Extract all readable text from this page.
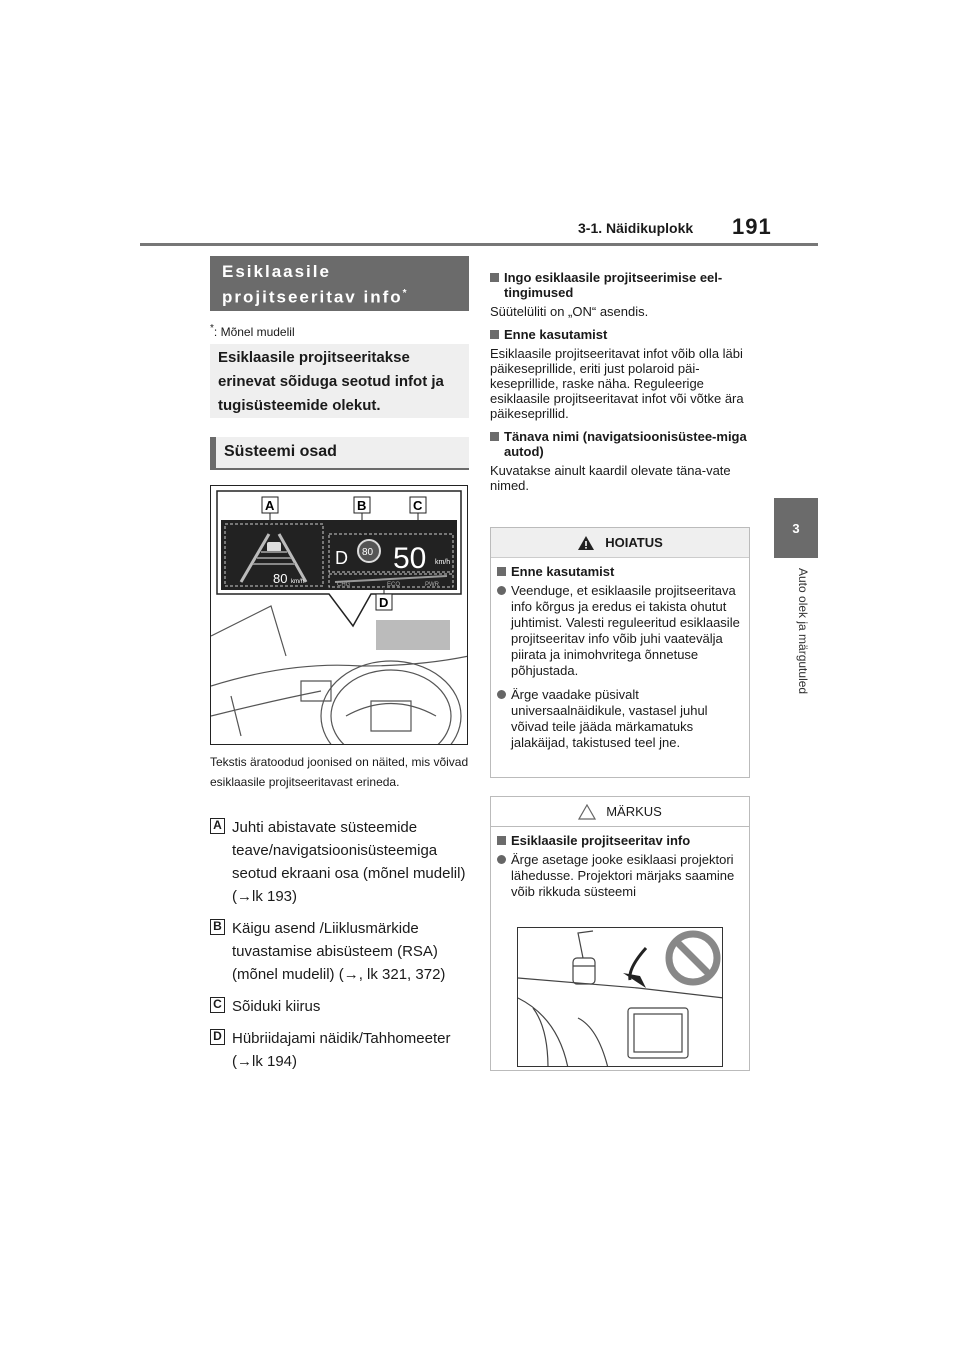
3-1. Näidikuplokk 191
3
Auto olek ja märgutuled
Esiklaasile projitseeritav info*
*: Mõnel mudelil
Esiklaasile projitseeritakse erinevat sõiduga seotud infot ja tugisüsteemide olekut.
Süsteemi osad
80 km/h
D 80 50 km/h
CHG	ECO	PWR
A	B	C
D
Tekstis äratoodud joonised on näited, mis võivad esiklaasile projitseeritavast erineda.
A Juhti abistavate süsteemide teave/navigatsioonisüsteemiga seotud ekraani osa (mõnel mudelil) (→lk 193)
B Käigu asend /Liiklusmärkide tuvastamise abisüsteem (RSA) (mõnel mudelil) (→, lk 321, 372)
C Sõiduki kiirus
D Hübriidajami näidik/Tahhomeeter (→lk 194)
Ingo esiklaasile projitseerimise eel-tingimused
Süütelüliti on „ON“ asendis.
Enne kasutamist
Esiklaasile projitseeritavat infot võib olla läbi päikeseprillide, eriti just polaroid päi-keseprillide, raske näha. Reguleerige esiklaasile projitseeritavat infot või võtke ära päikeseprillid.
Tänava nimi (navigatsioonisüstee-miga autod)
Kuvatakse ainult kaardil olevate täna-vate nimed.
HOIATUS
Enne kasutamist
Veenduge, et esiklaasile projitseeritava info kõrgus ja eredus ei takista ohutut juhtimist. Valesti reguleeritud esiklaasile projitseeritav info võib juhi vaatevälja piirata ja inimohvritega õnnetuse põhjustada.
Ärge vaadake püsivalt universaalnäidikule, vastasel juhul võivad teile jääda märkamatuks jalakäijad, takistused teel jne.
MÄRKUS
Esiklaasile projitseeritav info
Ärge asetage jooke esiklaasi projektori lähedusse. Projektori märjaks saamine võib rikkuda süsteemi
